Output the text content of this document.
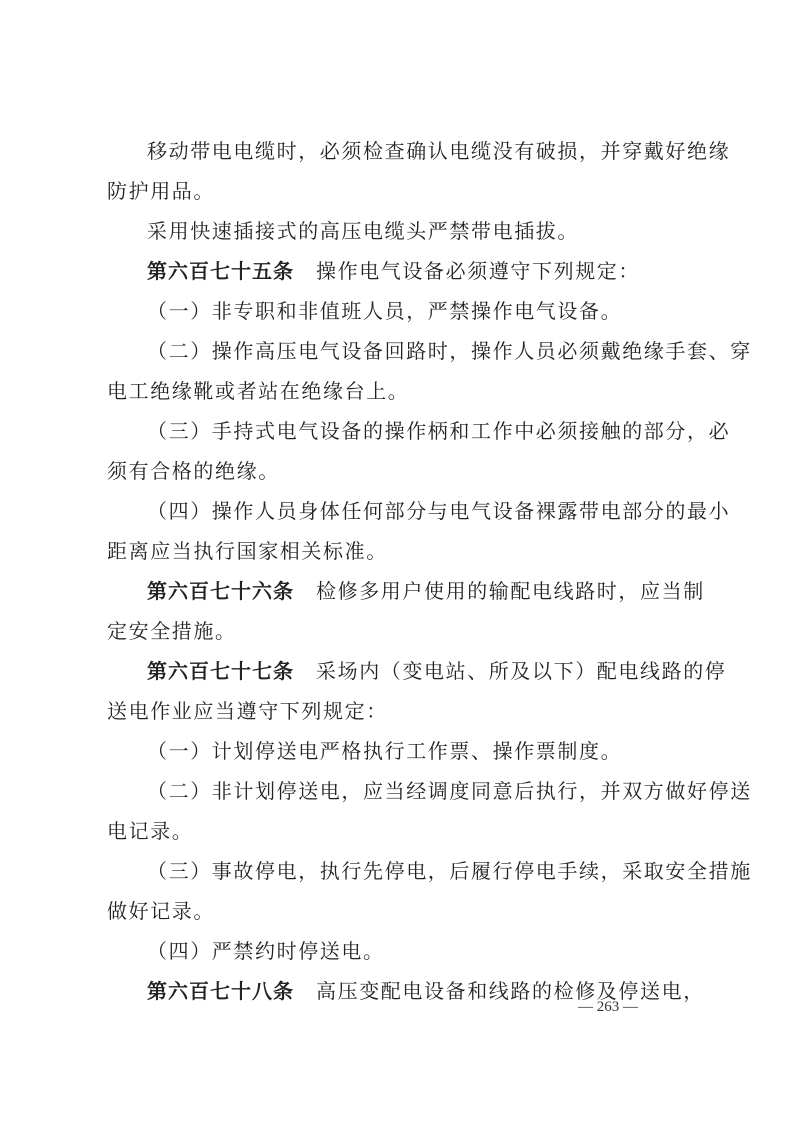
移动带电电缆时，必须检查确认电缆没有破损，并穿戴好绝缘
防护用品。
采用快速插接式的高压电缆头严禁带电插拔。
第六百七十五条 操作电气设备必须遵守下列规定：
（一）非专职和非值班人员，严禁操作电气设备。
（二）操作高压电气设备回路时，操作人员必须戴绝缘手套、穿
电工绝缘靴或者站在绝缘台上。
（三）手持式电气设备的操作柄和工作中必须接触的部分，必
须有合格的绝缘。
（四）操作人员身体任何部分与电气设备裸露带电部分的最小
距离应当执行国家相关标准。
第六百七十六条 检修多用户使用的输配电线路时，应当制
定安全措施。
第六百七十七条 采场内（变电站、所及以下）配电线路的停
送电作业应当遵守下列规定：
（一）计划停送电严格执行工作票、操作票制度。
（二）非计划停送电，应当经调度同意后执行，并双方做好停送
电记录。
（三）事故停电，执行先停电，后履行停电手续，采取安全措施
做好记录。
（四）严禁约时停送电。
第六百七十八条 高压变配电设备和线路的检修及停送电，
— 263 —
